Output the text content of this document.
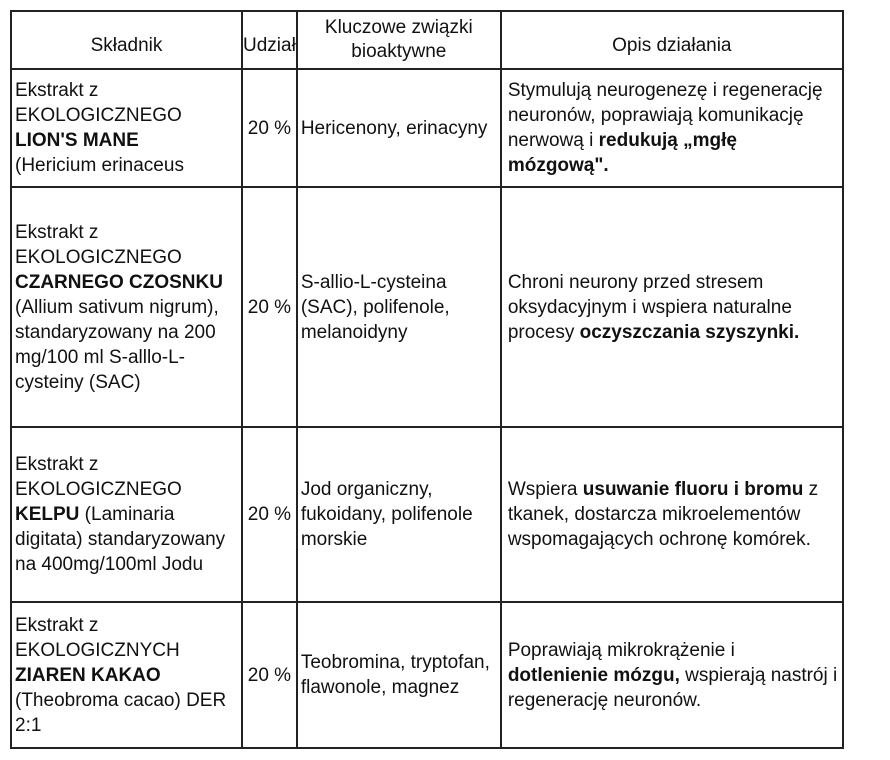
Składnik	Udział	Kluczowe związki bioaktywne	Opis działania
Ekstrakt z EKOLOGICZNEGO
LION'S MANE
(Hericium erinaceus	20 %	Hericenony, erinacyny	Stymulują neurogenezę i regenerację neuronów, poprawiają komunikację nerwową i redukują „mgłę mózgową".
Ekstrakt z EKOLOGICZNEGO
CZARNEGO CZOSNKU (Allium sativum nigrum), standaryzowany na 200 mg/100 ml S-alllo-L-cysteiny (SAC)	20 %	S-allio-L-cysteina (SAC), polifenole, melanoidyny	Chroni neurony przed stresem oksydacyjnym i wspiera naturalne procesy oczyszczania szyszynki.
Ekstrakt z EKOLOGICZNEGO
KELPU (Laminaria digitata) standaryzowany na 400mg/100ml Jodu	20 %	Jod organiczny, fukoidany, polifenole morskie	Wspiera usuwanie fluoru i bromu z tkanek, dostarcza mikroelementów wspomagających ochronę komórek.
Ekstrakt z EKOLOGICZNYCH
ZIAREN KAKAO (Theobroma cacao) DER 2:1	20 %	Teobromina, tryptofan, flawonole, magnez	Poprawiają mikrokrążenie i dotlenienie mózgu, wspierają nastrój i regenerację neuronów.
